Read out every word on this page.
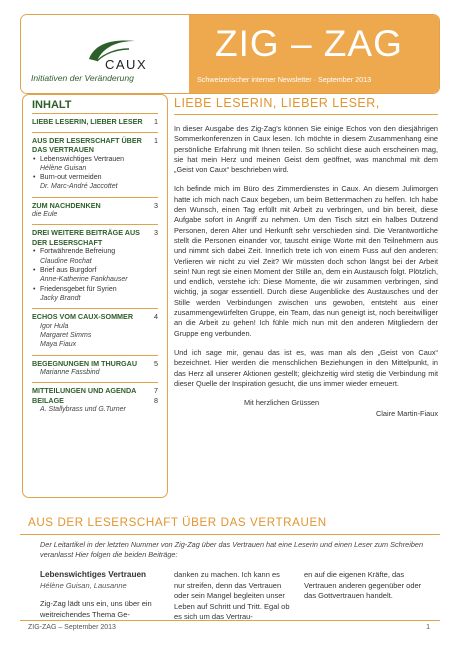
CAUX
Initiativen der Veränderung
ZIG – ZAG
Schweizerischer interner Newsletter · September 2013
INHALT
LIEBE LESERIN, LIEBER LESER 1
AUS DER LESERSCHAFT ÜBER DAS VERTRAUEN
1
• Lebenswichtiges Vertrauen
Hélène Guisan
• Burn-out vermeiden
Dr. Marc-André Jaccottet
ZUM NACHDENKEN	3
die Eule
DREI WEITERE BEITRÄGE AUS DER LESERSCHAFT
3
• Fortwährende Befreiung
Claudine Rochat
• Brief aus Burgdorf
Anne-Katherine Fankhauser
• Friedensgebet für Syrien
Jacky Brandt
ECHOS VOM CAUX-SOMMER	4
Igor Hula
Margaret Simms
Maya Fiaux
BEGEGNUNGEN IM THURGAU 5
Marianne Fassbind
MITTEILUNGEN UND AGENDA 7
BEILAGE	8
A. Stallybrass und G.Turner
LIEBE LESERIN, LIEBER LESER,

In dieser Ausgabe des Zig-Zag's können Sie einige Echos von den diesjährigen Sommerkonferenzen in Caux lesen. Ich möchte in diesem Zusammenhang eine persönliche Erfahrung mit Ihnen teilen. So schlicht diese auch erscheinen mag, sie hat mein Herz und meinen Geist dem geöffnet, was manchmal mit dem „Geist von Caux“ beschrieben wird.

Ich befinde mich im Büro des Zimmerdienstes in Caux. An diesem Julimorgen hatte ich mich nach Caux begeben, um beim Bettenmachen zu helfen. Ich habe den Wunsch, einen Tag erfüllt mit Arbeit zu verbringen, und bin bereit, diese Aufgabe sofort in Angriff zu nehmen. Um den Tisch sitzt ein halbes Dutzend Personen, deren Alter und Herkunft sehr verschieden sind. Die Verantwortliche stellt die Personen einander vor, tauscht einige Worte mit den Teilnehmern aus und nimmt sich dabei Zeit. Innerlich trete ich von einem Fuss auf den anderen: Verlieren wir nicht zu viel Zeit? Wir müssten doch schon längst bei der Arbeit sein! Nun regt sie einen Moment der Stille an, dem ein Austausch folgt. Plötzlich, und endlich, verstehe ich: Diese Momente, die wir zusammen verbringen, sind wichtig, ja sogar essentiell. Durch diese Augenblicke des Austausches und der Stille werden Verbindungen zwischen uns gewoben, entsteht aus einer zusammengewürfelten Gruppe, ein Team, das nun geneigt ist, noch bereitwilliger an die Arbeit zu gehen! Ich fühle mich nun mit den anderen Mitgliedern der Gruppe eng verbunden.

Und ich sage mir, genau das ist es, was man als den „Geist von Caux“ bezeichnet. Hier werden die menschlichen Beziehungen in den Mittelpunkt, in das Herz all unserer Aktionen gestellt; gleichzeitig wird stetig die Verbindung mit dieser Quelle der Inspiration gesucht, die uns immer wieder erneuert.

Mit herzlichen Grüssen
Claire Martin-Fiaux
AUS DER LESERSCHAFT ÜBER DAS VERTRAUEN
Der Leitartikel in der letzten Nummer von Zig-Zag über das Vertrauen hat eine Leserin und einen Leser zum Schreiben veranlasst Hier folgen die beiden Beiträge:
Lebenswichtiges Vertrauen
Hélène Guisan, Lausanne
Zig-Zag lädt uns ein, uns über ein weitreichendes Thema Ge-
danken zu machen. Ich kann es nur streifen, denn das Vertrauen oder sein Mangel begleiten unser Leben auf Schritt und Tritt. Egal ob es sich um das Vertrau-
en auf die eigenen Kräfte, das Vertrauen anderen gegenüber oder das Gottvertrauen handelt.
ZIG-ZAG – September 2013	1
